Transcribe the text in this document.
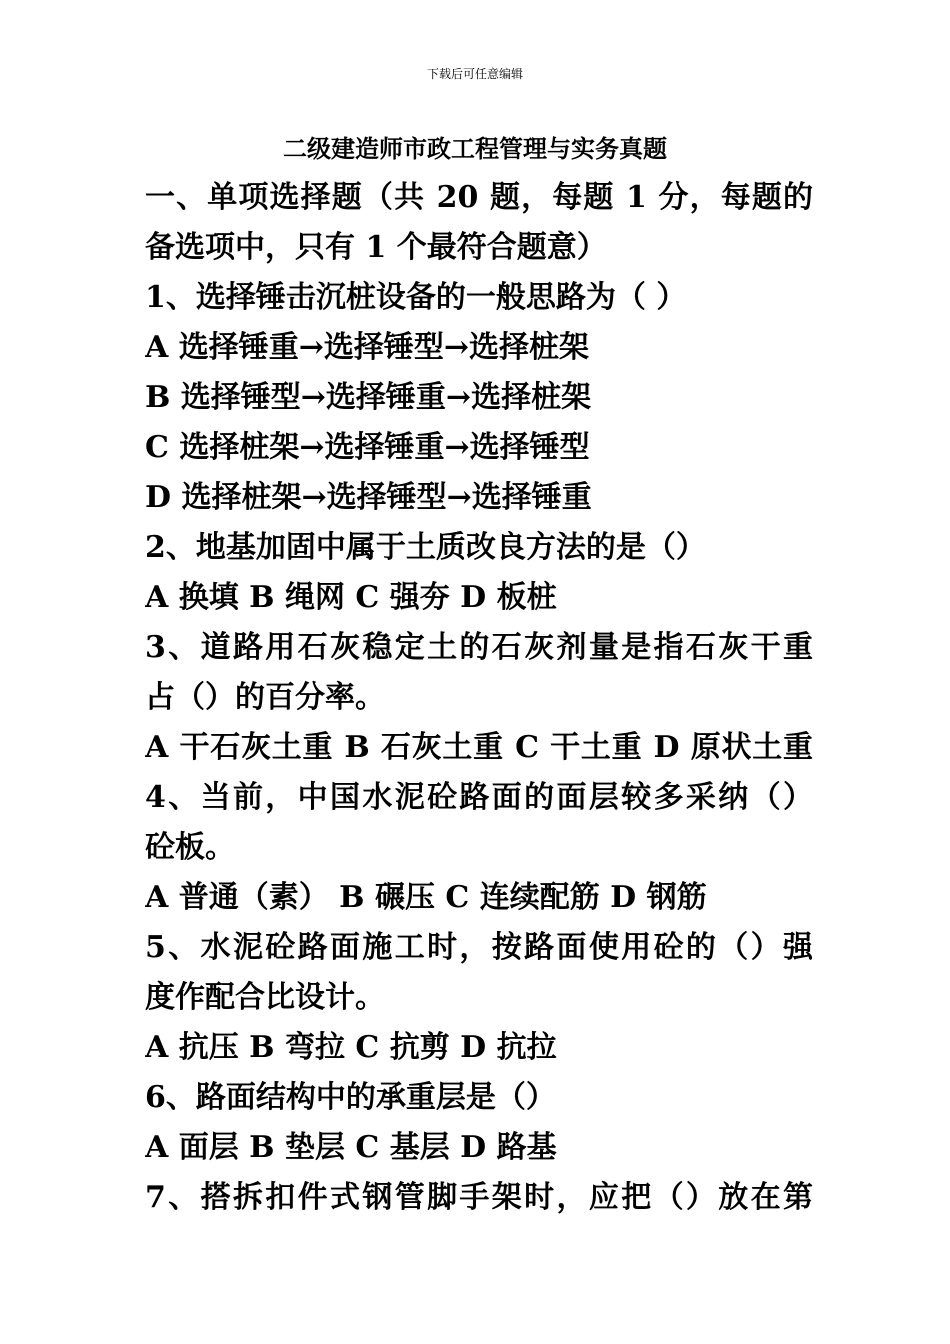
下载后可任意编辑
二级建造师市政工程管理与实务真题
一、单项选择题（共 20 题，每题 1 分，每题的
备选项中，只有 1 个最符合题意）
1、选择锤击沉桩设备的一般思路为（ ）
A 选择锤重→选择锤型→选择桩架
B 选择锤型→选择锤重→选择桩架
C 选择桩架→选择锤重→选择锤型
D 选择桩架→选择锤型→选择锤重
2、地基加固中属于土质改良方法的是（）
A 换填 B 绳网 C 强夯 D 板桩
3、道路用石灰稳定土的石灰剂量是指石灰干重
占（）的百分率。
A 干石灰土重 B 石灰土重 C 干土重 D 原状土重
4、当前，中国水泥砼路面的面层较多采纳（）
砼板。
A 普通（素） B 碾压 C 连续配筋 D 钢筋
5、水泥砼路面施工时，按路面使用砼的（）强
度作配合比设计。
A 抗压 B 弯拉 C 抗剪 D 抗拉
6、路面结构中的承重层是（）
A 面层 B 垫层 C 基层 D 路基
7、搭拆扣件式钢管脚手架时，应把（）放在第
